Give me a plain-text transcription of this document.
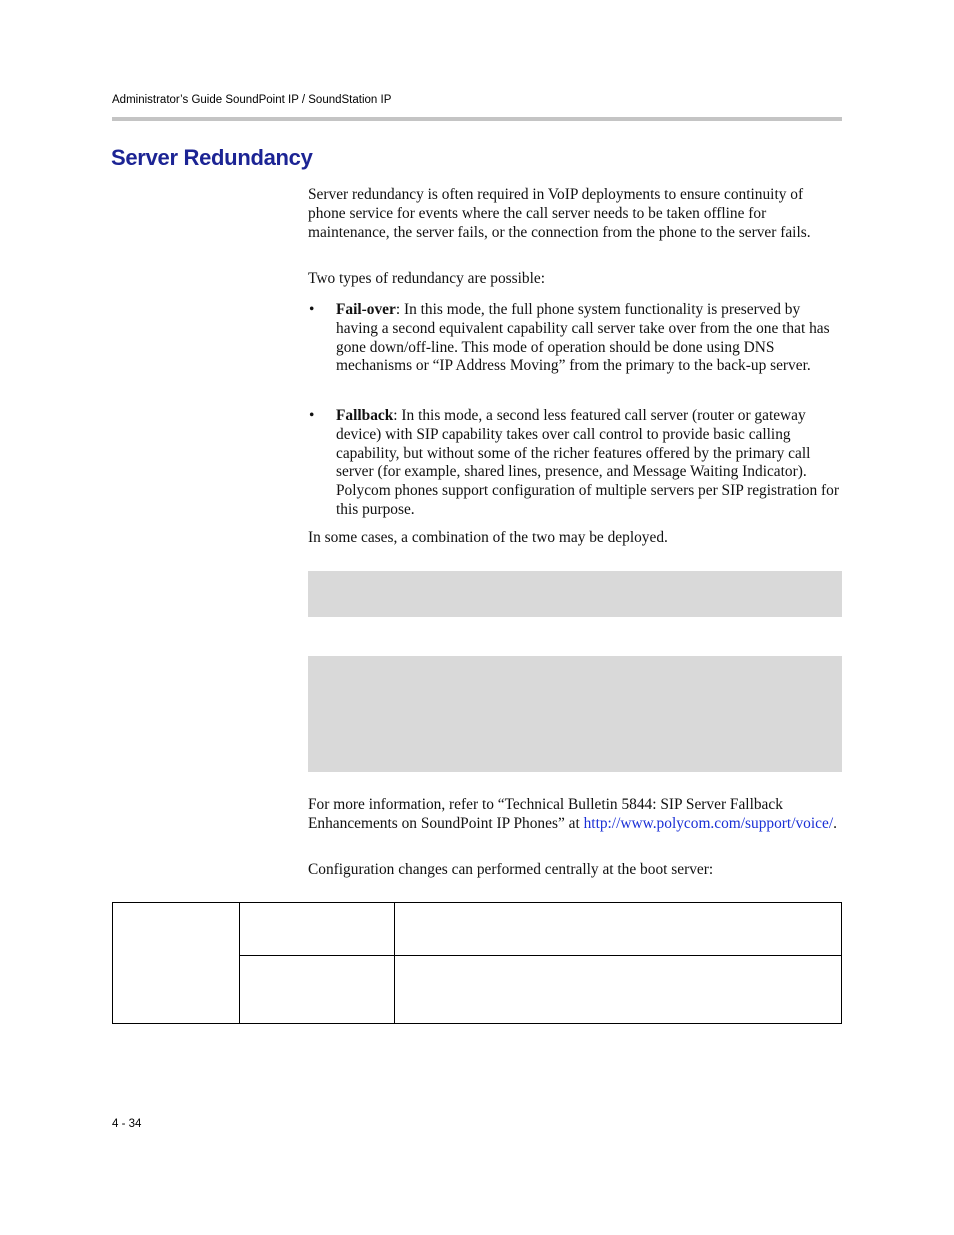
Administrator’s Guide SoundPoint IP / SoundStation IP
Server Redundancy

Server redundancy is often required in VoIP deployments to ensure continuity of phone service for events where the call server needs to be taken offline for maintenance, the server fails, or the connection from the phone to the server fails.

Two types of redundancy are possible:

• Fail-over: In this mode, the full phone system functionality is preserved by having a second equivalent capability call server take over from the one that has gone down/off-line. This mode of operation should be done using DNS mechanisms or “IP Address Moving” from the primary to the back-up server.
• Fallback: In this mode, a second less featured call server (router or gateway device) with SIP capability takes over call control to provide basic calling capability, but without some of the richer features offered by the primary call server (for example, shared lines, presence, and Message Waiting Indicator). Polycom phones support configuration of multiple servers per SIP registration for this purpose.

In some cases, a combination of the two may be deployed.

For more information, refer to “Technical Bulletin 5844: SIP Server Fallback Enhancements on SoundPoint IP Phones” at http://www.polycom.com/support/voice/.

Configuration changes can performed centrally at the boot server:

4 - 34
